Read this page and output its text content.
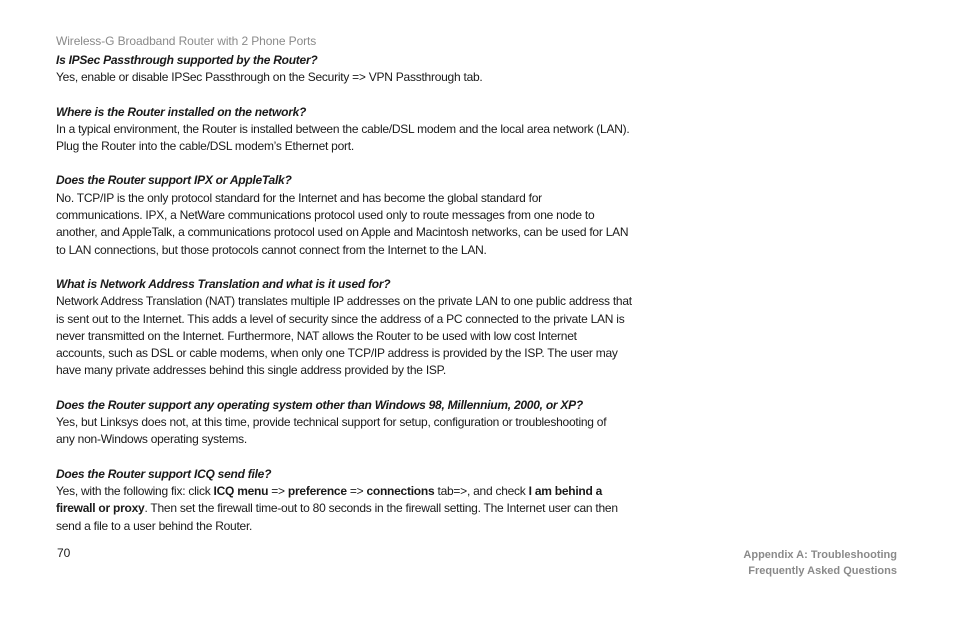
Wireless-G Broadband Router with 2 Phone Ports

Is IPSec Passthrough supported by the Router?

Yes, enable or disable IPSec Passthrough on the Security => VPN Passthrough tab.

Where is the Router installed on the network?

In a typical environment, the Router is installed between the cable/DSL modem and the local area network (LAN).
Plug the Router into the cable/DSL modem’s Ethernet port.

Does the Router support IPX or AppleTalk?

No. TCP/IP is the only protocol standard for the Internet and has become the global standard for
communications. IPX, a NetWare communications protocol used only to route messages from one node to
another, and AppleTalk, a communications protocol used on Apple and Macintosh networks, can be used for LAN
to LAN connections, but those protocols cannot connect from the Internet to the LAN.

What is Network Address Translation and what is it used for?

Network Address Translation (NAT) translates multiple IP addresses on the private LAN to one public address that
is sent out to the Internet. This adds a level of security since the address of a PC connected to the private LAN is
never transmitted on the Internet. Furthermore, NAT allows the Router to be used with low cost Internet
accounts, such as DSL or cable modems, when only one TCP/IP address is provided by the ISP. The user may
have many private addresses behind this single address provided by the ISP.

Does the Router support any operating system other than Windows 98, Millennium, 2000, or XP?

Yes, but Linksys does not, at this time, provide technical support for setup, configuration or troubleshooting of
any non-Windows operating systems.

Does the Router support ICQ send file?

Yes, with the following fix: click ICQ menu => preference => connections tab=>, and check I am behind a
firewall or proxy. Then set the firewall time-out to 80 seconds in the firewall setting. The Internet user can then
send a file to a user behind the Router.

70	Appendix A: Troubleshooting
Frequently Asked Questions
